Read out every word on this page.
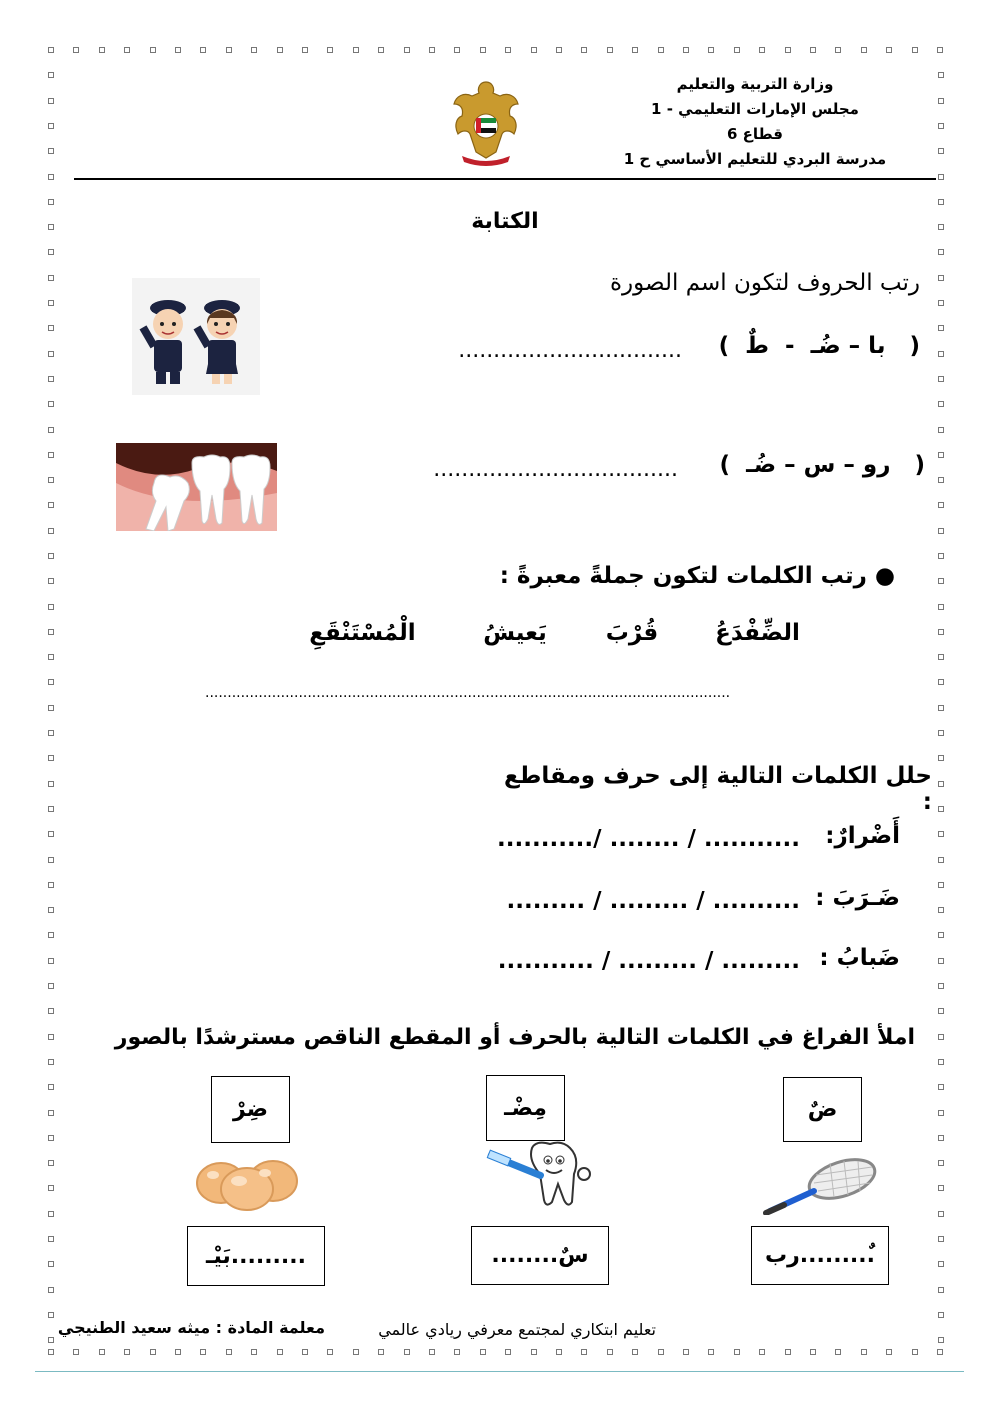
وزارة التربية والتعليم
مجلس الإمارات التعليمي - 1
قطاع 6
مدرسة البردي للتعليم الأساسي ح 1
الكتابة
رتب الحروف لتكون اسم الصورة
(   با – ضُـ  -  طٌ  )
................................
(   رو – س – ضُـ  )
...................................
● رتب الكلمات لتكون جملةً معبرةً :
الضِّفْدَعُ
قُرْبَ
يَعيشُ
الْمُسْتَنْقَعِ
......................................................................................................................
حلل الكلمات التالية إلى حرف ومقاطع :
أَضْرارٌ:
.........../ ........ / ...........
ضَـرَبَ :
......... / ......... / ..........
ضَبابُ :
........... / ......... / .........
املأ الفراغ في الكلمات التالية بالحرف أو المقطع الناقص مسترشدًا بالصور
ضٌ
مِضْـ
ضِرْ
رب.........ٌ
........سٌ
بَيْـ.........
تعليم ابتكاري لمجتمع معرفي ريادي عالمي
معلمة المادة : ميثه سعيد الطنيجي
